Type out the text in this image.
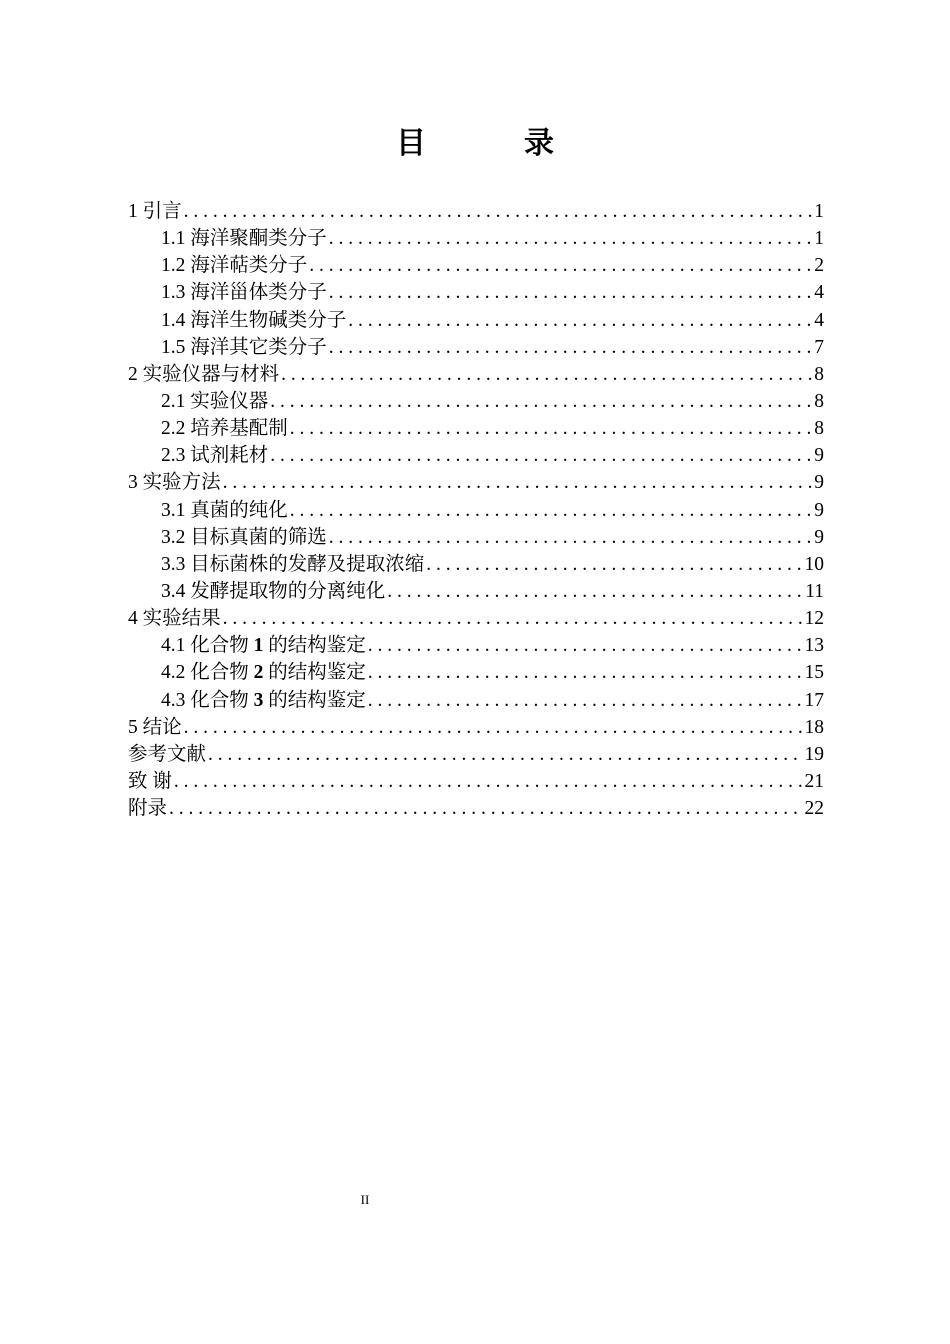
目　录
1 引言 . . .	1
1.1 海洋聚酮类分子 . . .	1
1.2 海洋萜类分子 . . .	2
1.3 海洋甾体类分子 . . .	4
1.4 海洋生物碱类分子 . . .	4
1.5 海洋其它类分子 . . .	7
2 实验仪器与材料 . . .	8
2.1 实验仪器 . . .	8
2.2 培养基配制 . . .	8
2.3 试剂耗材 . . .	9
3 实验方法 . . .	9
3.1 真菌的纯化 . . .	9
3.2 目标真菌的筛选 . . .	9
3.3 目标菌株的发酵及提取浓缩 . . .	10
3.4 发酵提取物的分离纯化 . . .	11
4 实验结果 . . .	12
4.1 化合物 1 的结构鉴定 . . .	13
4.2 化合物 2 的结构鉴定 . . .	15
4.3 化合物 3 的结构鉴定 . . .	17
5 结论 . . .	18
参考文献 . . .	19
致 谢 . . .	21
附录 . . .	22
II
